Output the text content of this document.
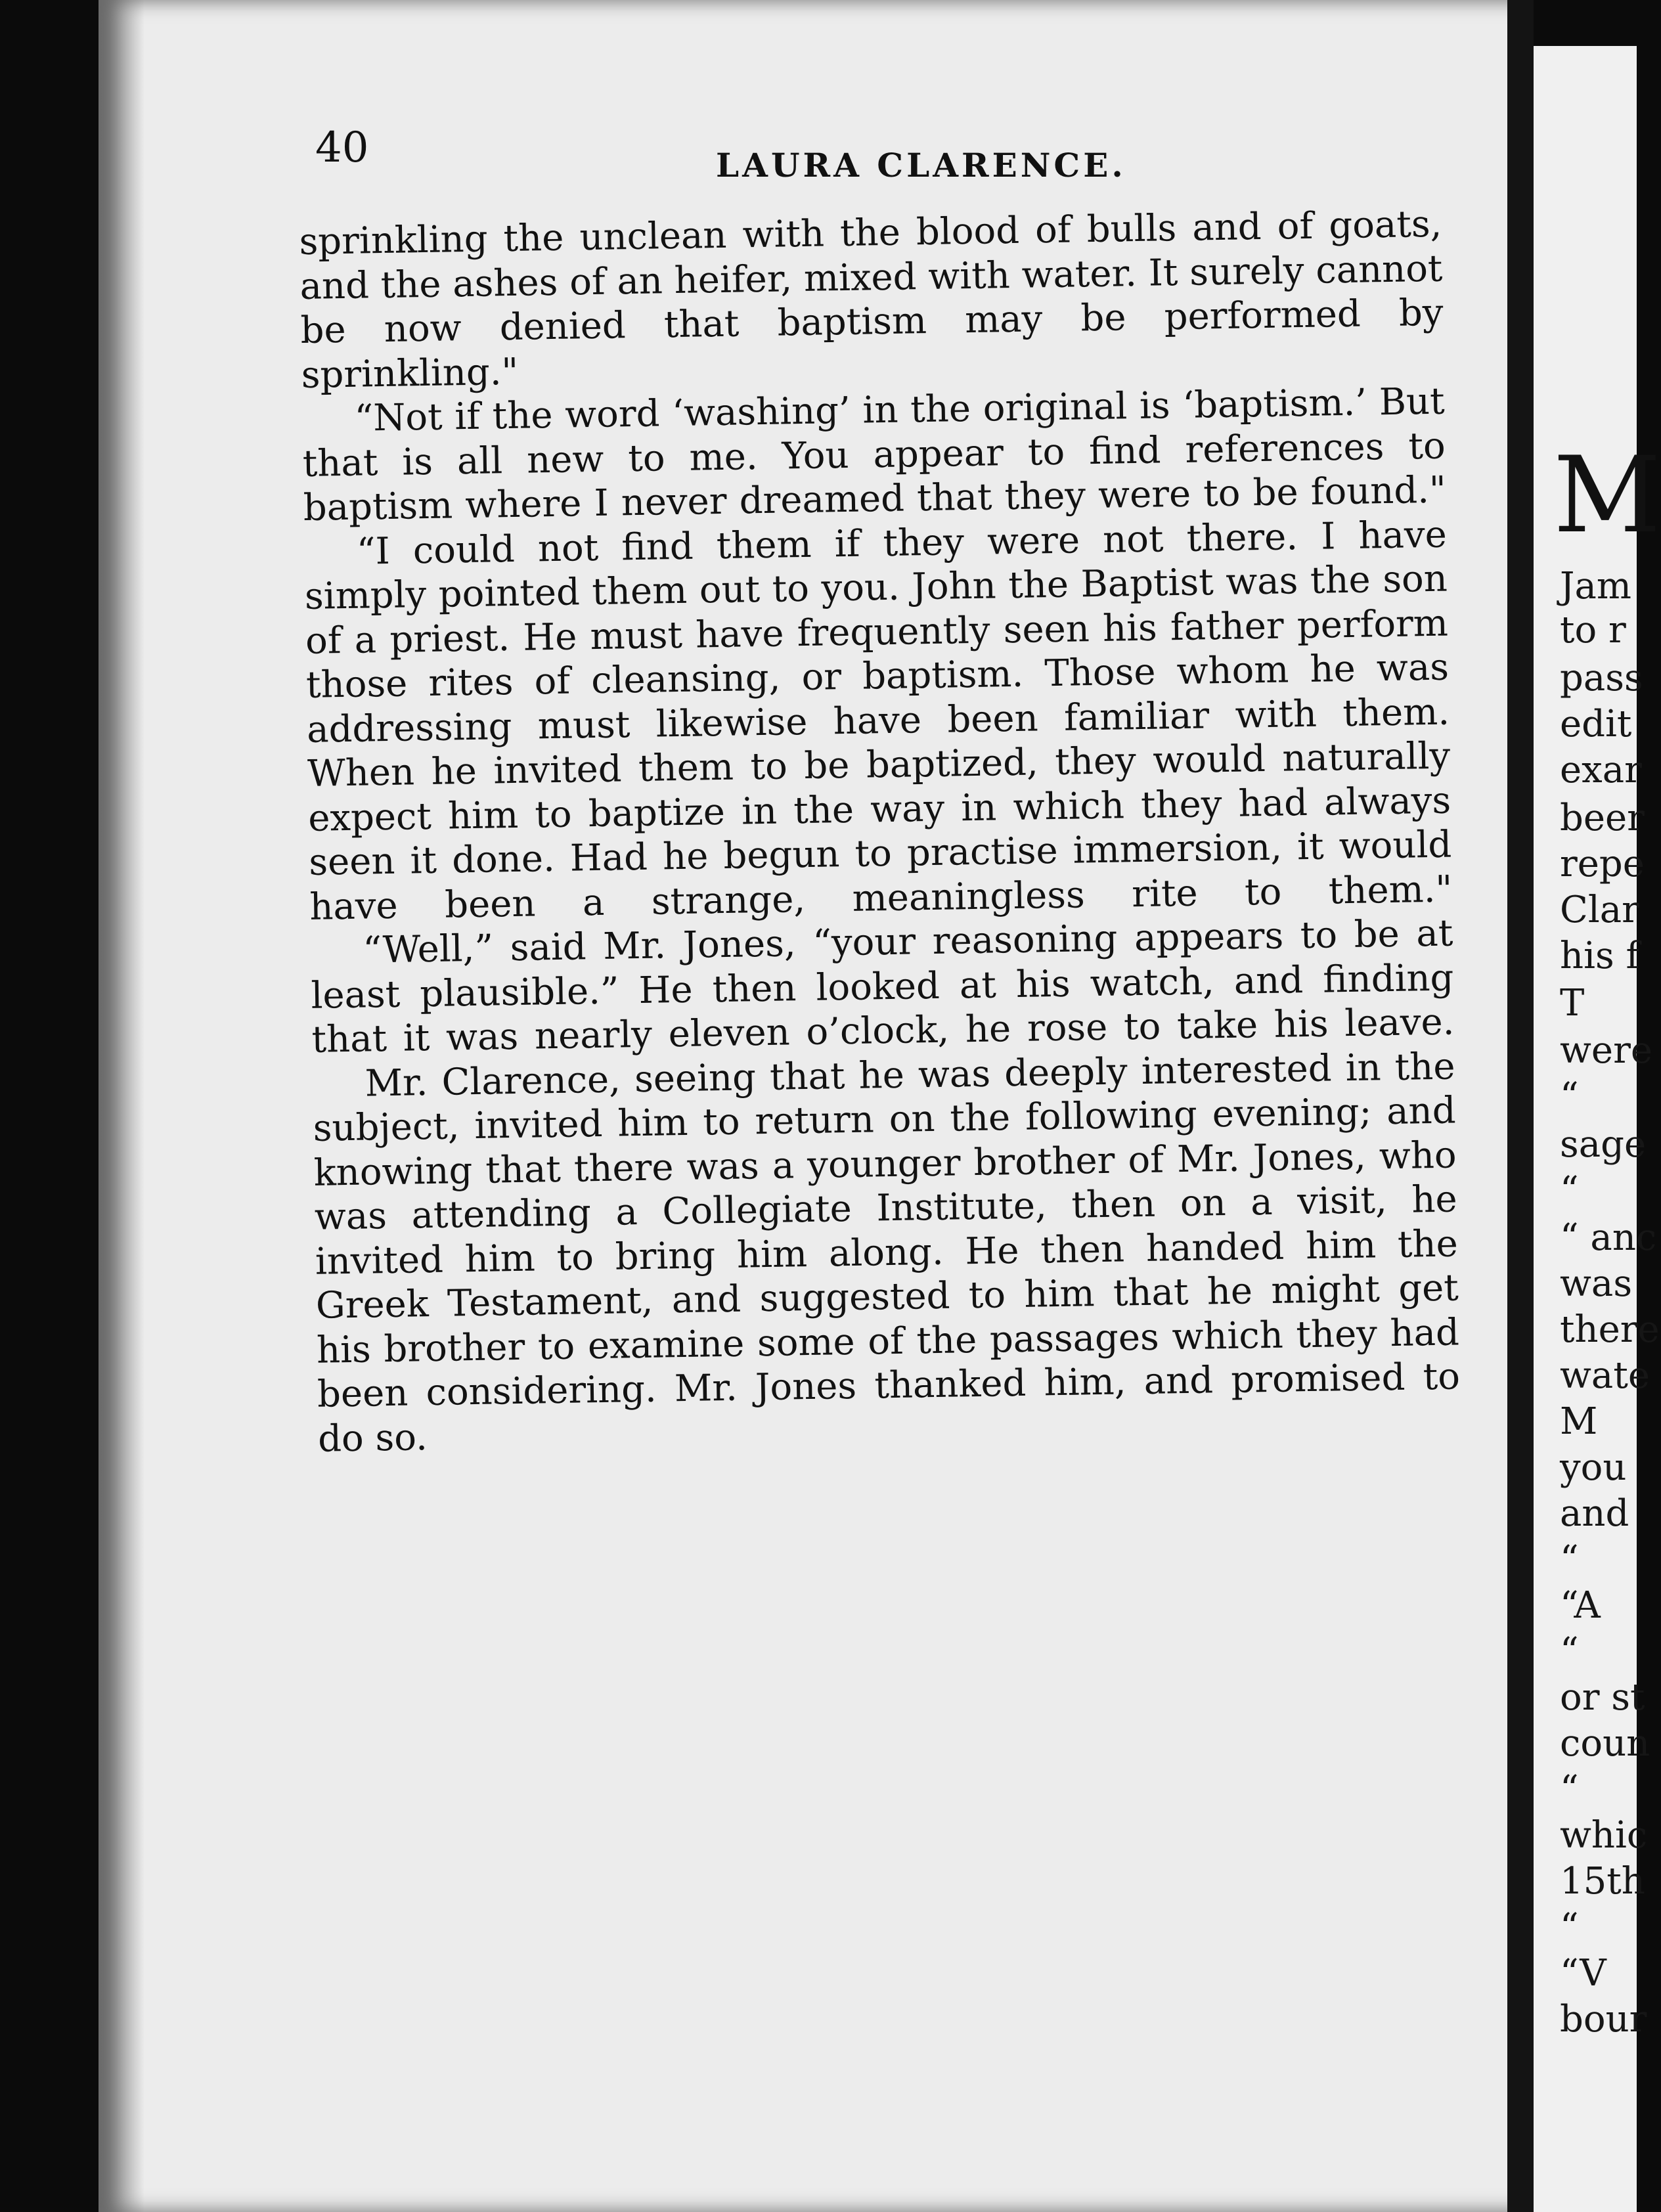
40	LAURA CLARENCE.

sprinkling the unclean with the blood of bulls and of goats, and the ashes of an heifer, mixed with water. It surely cannot be now denied that baptism may be performed by sprinkling."

“Not if the word ‘washing’ in the original is ‘baptism.’ But that is all new to me. You appear to find references to baptism where I never dreamed that they were to be found."

“I could not find them if they were not there. I have simply pointed them out to you. John the Baptist was the son of a priest. He must have frequently seen his father perform those rites of cleansing, or baptism. Those whom he was addressing must likewise have been familiar with them. When he invited them to be baptized, they would naturally expect him to baptize in the way in which they had always seen it done. Had he begun to practise immersion, it would have been a strange, meaningless rite to them."

“Well,” said Mr. Jones, “your reasoning appears to be at least plausible.” He then looked at his watch, and finding that it was nearly eleven o’clock, he rose to take his leave.

Mr. Clarence, seeing that he was deeply interested in the subject, invited him to return on the following evening; and knowing that there was a younger brother of Mr. Jones, who was attending a Collegiate Institute, then on a visit, he invited him to bring him along. He then handed him the Greek Testament, and suggested to him that he might get his brother to examine some of the passages which they had been considering. Mr. Jones thanked him, and promised to do so.

M
Jam
to r
pass
edit
exar
beer
repe
Clar
his f
T
were
“
sage
“
“ anc
was
there
wate
M
you
and
“
“A
“
or st
coun
“
whic
15th
“
“V
bour
